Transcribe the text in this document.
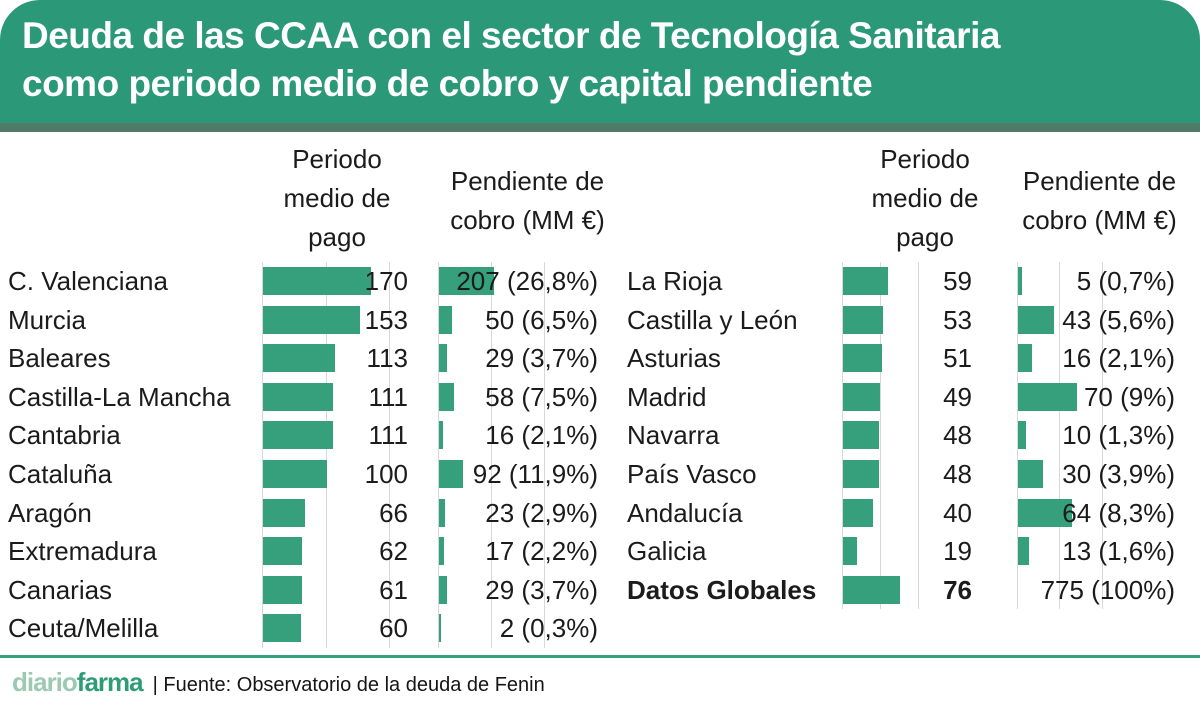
Deuda de las CCAA con el sector de Tecnología Sanitaria
como periodo medio de cobro y capital pendiente
Periodo medio de pago
Pendiente de cobro (MM €)
Periodo medio de pago
Pendiente de cobro (MM €)
C. Valenciana
Murcia
Baleares
Castilla-La Mancha
Cantabria
Cataluña
Aragón
Extremadura
Canarias
Ceuta/Melilla
170
153
113
111
111
100
66
62
61
60
207 (26,8%)
50 (6,5%)
29 (3,7%)
58 (7,5%)
16 (2,1%)
92 (11,9%)
23 (2,9%)
17 (2,2%)
29 (3,7%)
2 (0,3%)
La Rioja
Castilla y León
Asturias
Madrid
Navarra
País Vasco
Andalucía
Galicia
Datos Globales
59
53
51
49
48
48
40
19
76
5 (0,7%)
43 (5,6%)
16 (2,1%)
70 (9%)
10 (1,3%)
30 (3,9%)
64 (8,3%)
13 (1,6%)
775 (100%)
diariofarma | Fuente: Observatorio de la deuda de Fenin
